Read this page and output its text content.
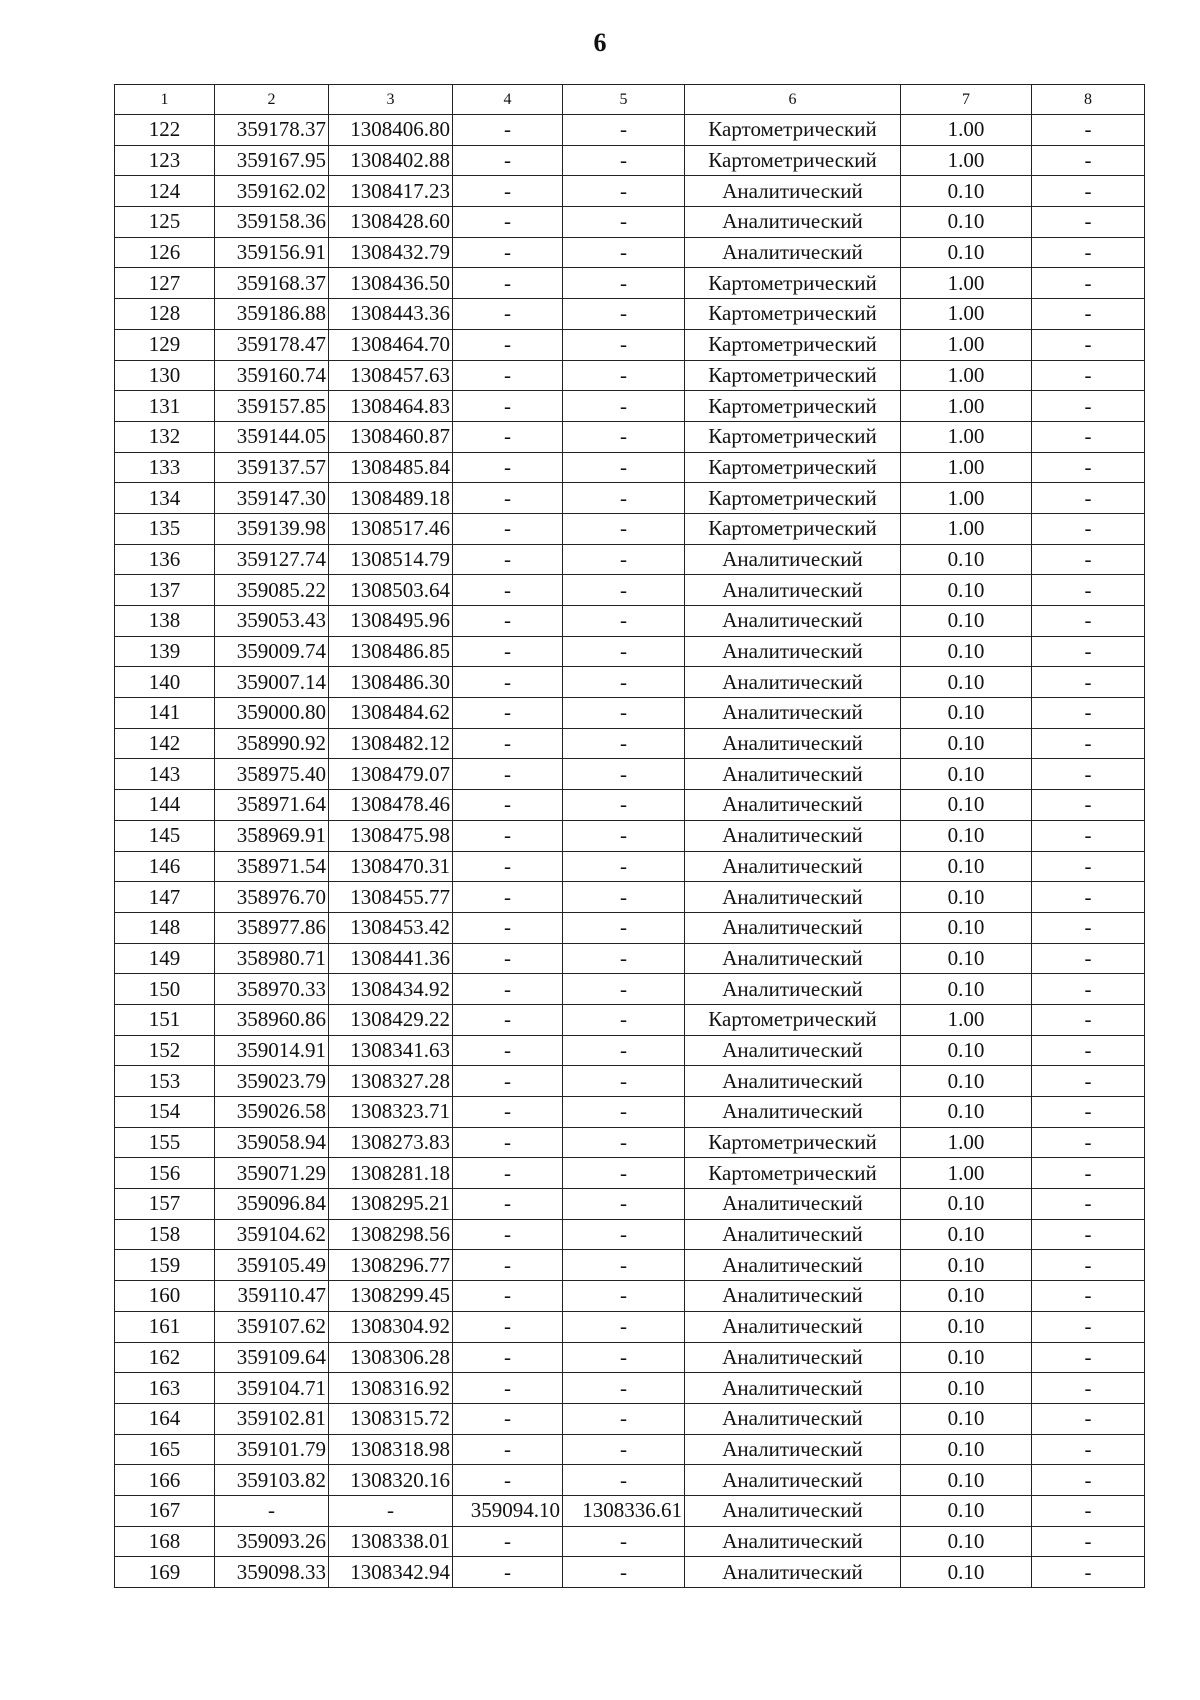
6
1	2	3	4	5	6	7	8
122	359178.37	1308406.80	-	-	Картометрический	1.00	-
123	359167.95	1308402.88	-	-	Картометрический	1.00	-
124	359162.02	1308417.23	-	-	Аналитический	0.10	-
125	359158.36	1308428.60	-	-	Аналитический	0.10	-
126	359156.91	1308432.79	-	-	Аналитический	0.10	-
127	359168.37	1308436.50	-	-	Картометрический	1.00	-
128	359186.88	1308443.36	-	-	Картометрический	1.00	-
129	359178.47	1308464.70	-	-	Картометрический	1.00	-
130	359160.74	1308457.63	-	-	Картометрический	1.00	-
131	359157.85	1308464.83	-	-	Картометрический	1.00	-
132	359144.05	1308460.87	-	-	Картометрический	1.00	-
133	359137.57	1308485.84	-	-	Картометрический	1.00	-
134	359147.30	1308489.18	-	-	Картометрический	1.00	-
135	359139.98	1308517.46	-	-	Картометрический	1.00	-
136	359127.74	1308514.79	-	-	Аналитический	0.10	-
137	359085.22	1308503.64	-	-	Аналитический	0.10	-
138	359053.43	1308495.96	-	-	Аналитический	0.10	-
139	359009.74	1308486.85	-	-	Аналитический	0.10	-
140	359007.14	1308486.30	-	-	Аналитический	0.10	-
141	359000.80	1308484.62	-	-	Аналитический	0.10	-
142	358990.92	1308482.12	-	-	Аналитический	0.10	-
143	358975.40	1308479.07	-	-	Аналитический	0.10	-
144	358971.64	1308478.46	-	-	Аналитический	0.10	-
145	358969.91	1308475.98	-	-	Аналитический	0.10	-
146	358971.54	1308470.31	-	-	Аналитический	0.10	-
147	358976.70	1308455.77	-	-	Аналитический	0.10	-
148	358977.86	1308453.42	-	-	Аналитический	0.10	-
149	358980.71	1308441.36	-	-	Аналитический	0.10	-
150	358970.33	1308434.92	-	-	Аналитический	0.10	-
151	358960.86	1308429.22	-	-	Картометрический	1.00	-
152	359014.91	1308341.63	-	-	Аналитический	0.10	-
153	359023.79	1308327.28	-	-	Аналитический	0.10	-
154	359026.58	1308323.71	-	-	Аналитический	0.10	-
155	359058.94	1308273.83	-	-	Картометрический	1.00	-
156	359071.29	1308281.18	-	-	Картометрический	1.00	-
157	359096.84	1308295.21	-	-	Аналитический	0.10	-
158	359104.62	1308298.56	-	-	Аналитический	0.10	-
159	359105.49	1308296.77	-	-	Аналитический	0.10	-
160	359110.47	1308299.45	-	-	Аналитический	0.10	-
161	359107.62	1308304.92	-	-	Аналитический	0.10	-
162	359109.64	1308306.28	-	-	Аналитический	0.10	-
163	359104.71	1308316.92	-	-	Аналитический	0.10	-
164	359102.81	1308315.72	-	-	Аналитический	0.10	-
165	359101.79	1308318.98	-	-	Аналитический	0.10	-
166	359103.82	1308320.16	-	-	Аналитический	0.10	-
167	-	-	359094.10	1308336.61	Аналитический	0.10	-
168	359093.26	1308338.01	-	-	Аналитический	0.10	-
169	359098.33	1308342.94	-	-	Аналитический	0.10	-
